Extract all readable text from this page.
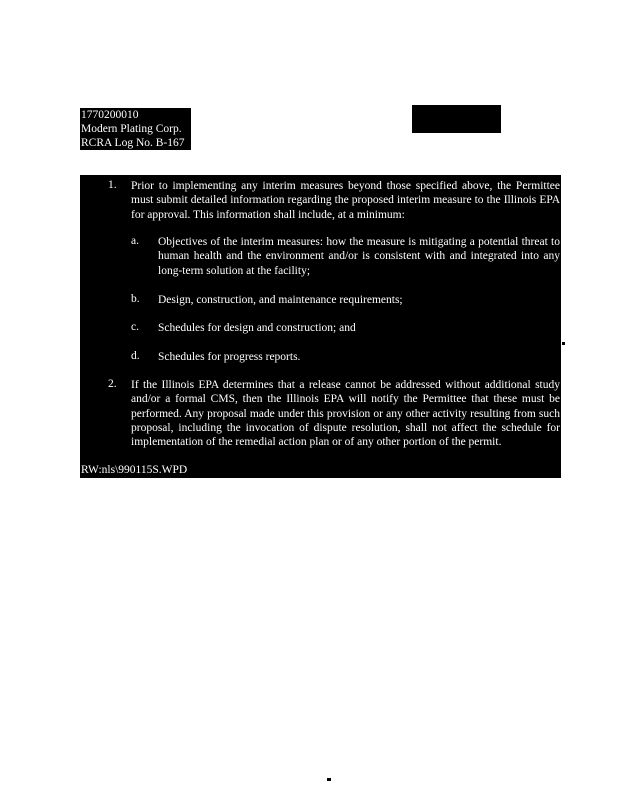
1770200010
Modern Plating Corp.
RCRA Log No. B-167
1. Prior to implementing any interim measures beyond those specified above, the Permittee must submit detailed information regarding the proposed interim measure to the Illinois EPA for approval. This information shall include, at a minimum:
a. Objectives of the interim measures: how the measure is mitigating a potential threat to human health and the environment and/or is consistent with and integrated into any long-term solution at the facility;
b. Design, construction, and maintenance requirements;
c. Schedules for design and construction; and
d. Schedules for progress reports.
2. If the Illinois EPA determines that a release cannot be addressed without additional study and/or a formal CMS, then the Illinois EPA will notify the Permittee that these must be performed. Any proposal made under this provision or any other activity resulting from such proposal, including the invocation of dispute resolution, shall not affect the schedule for implementation of the remedial action plan or of any other portion of the permit.
RW:nls\990115S.WPD
